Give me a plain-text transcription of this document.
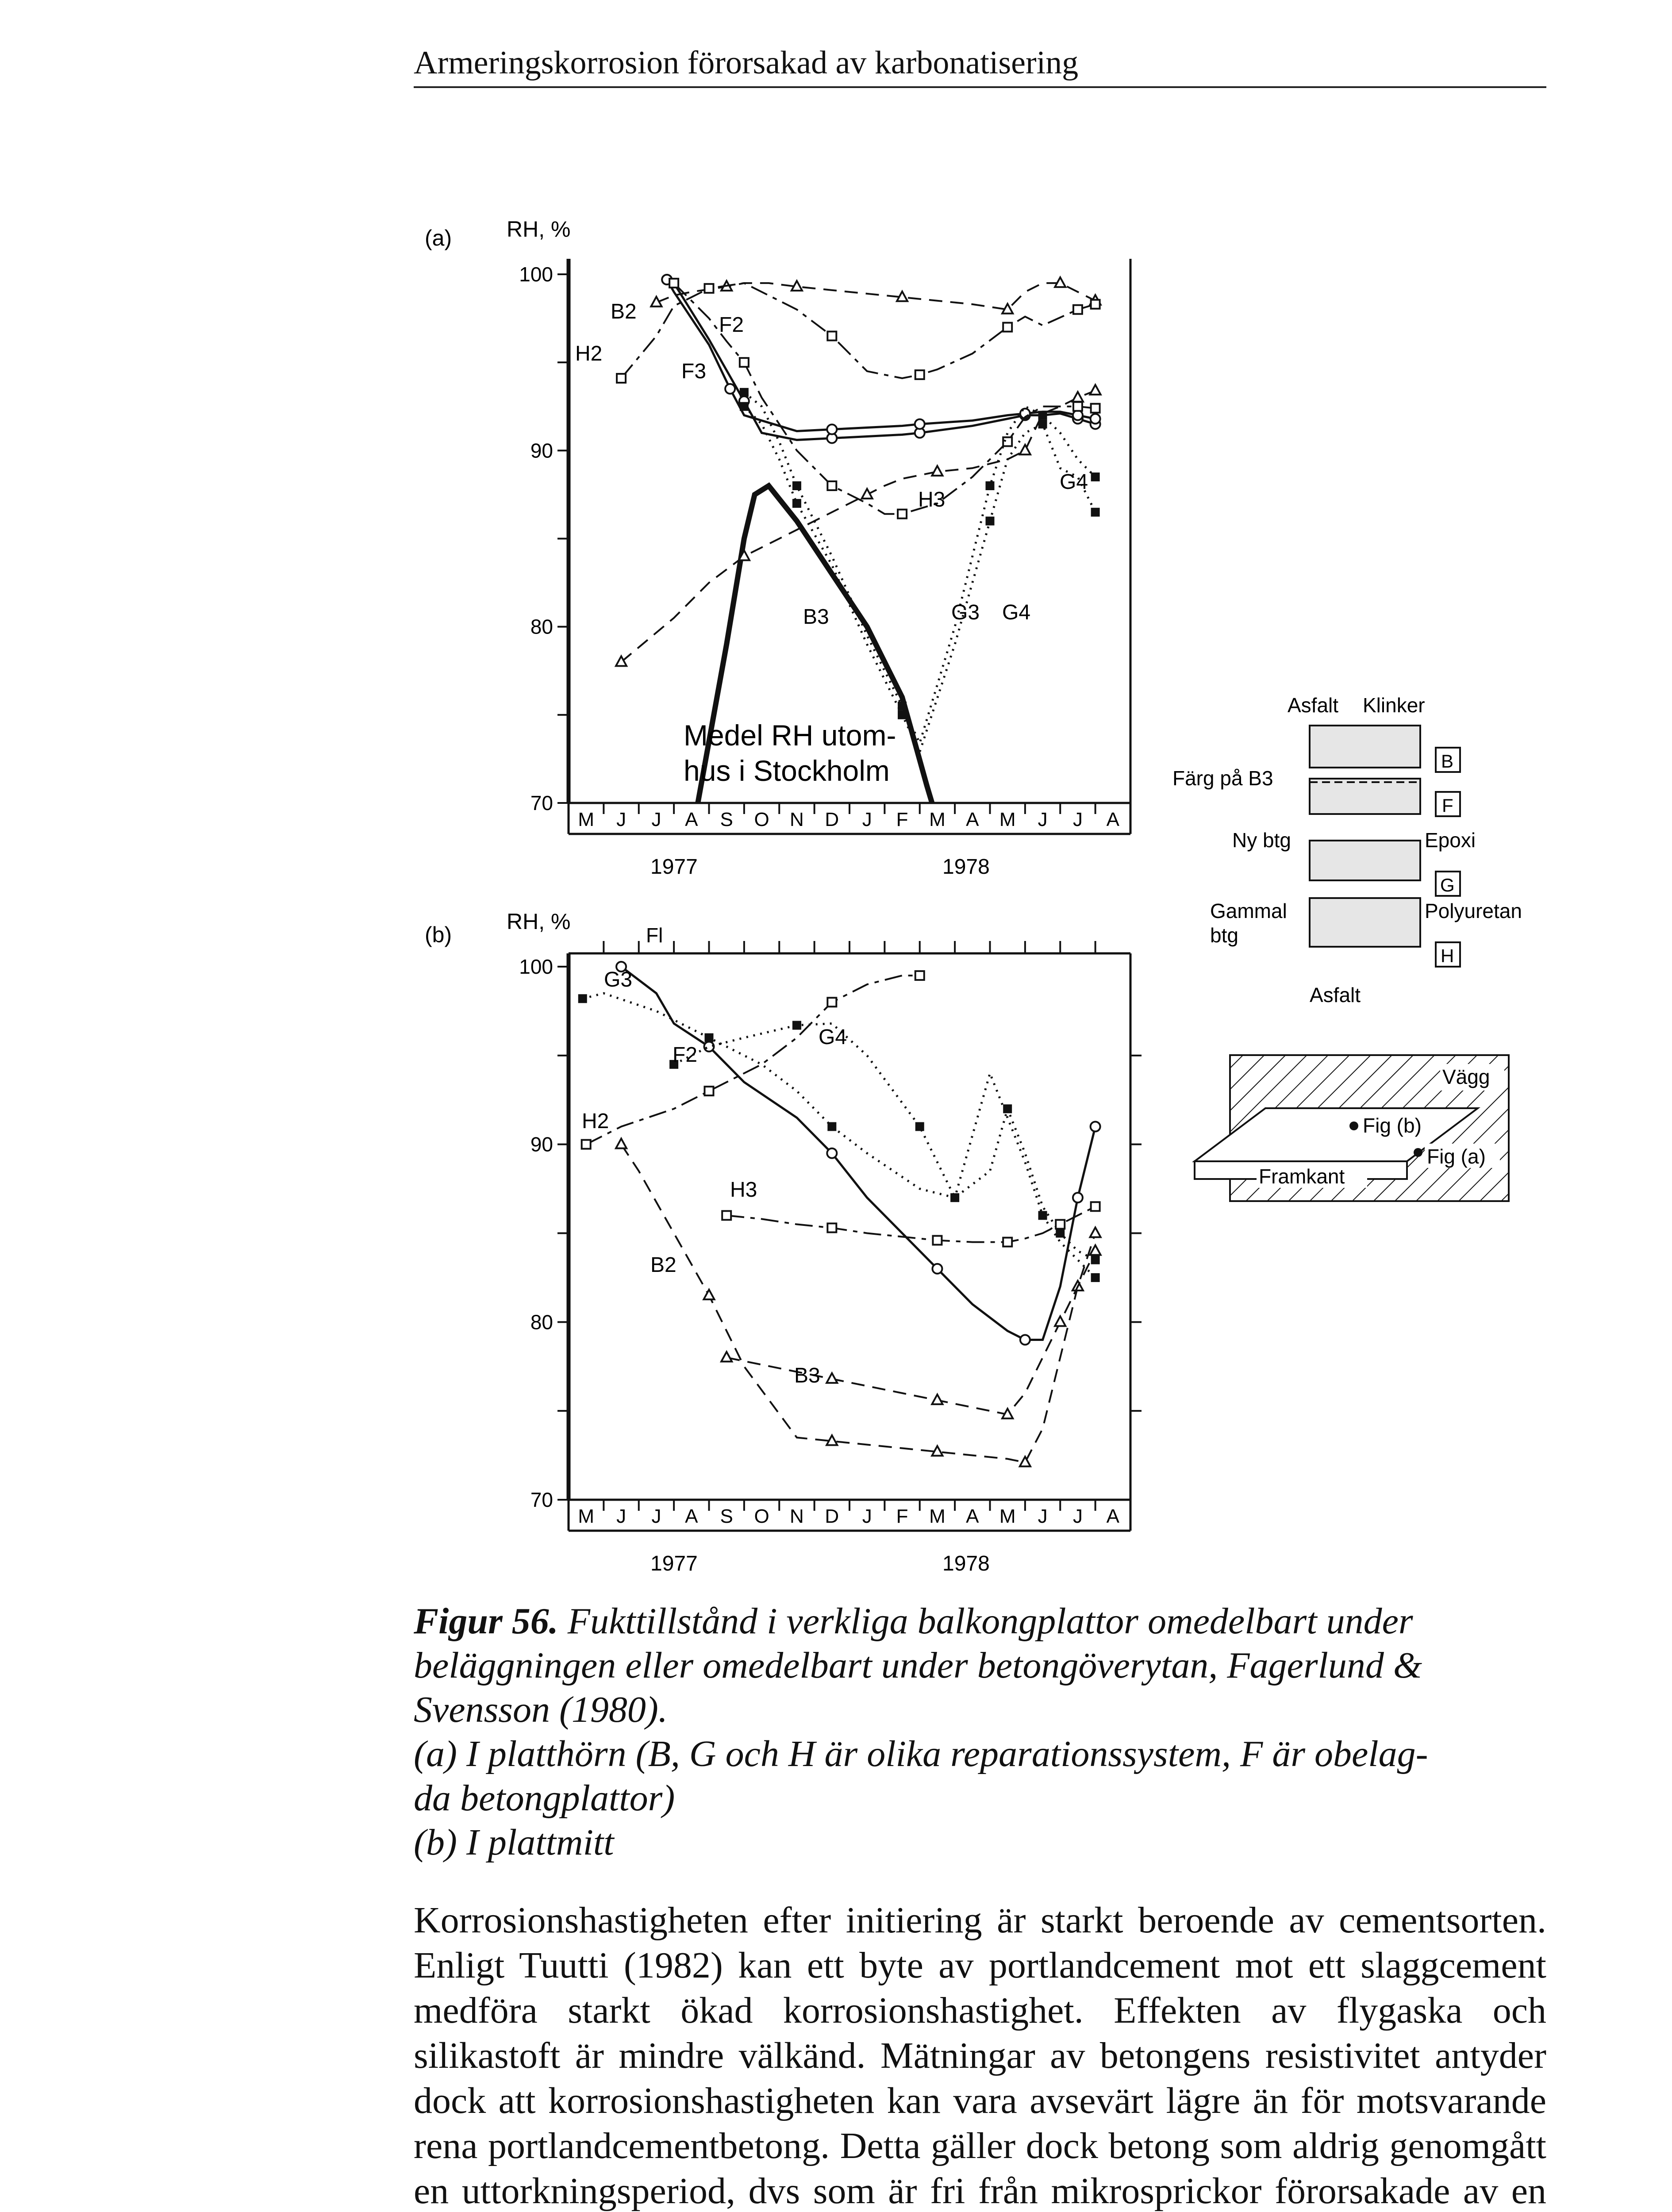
Armeringskorrosion förorsakad av karbonatisering
(a) RH, %
100
90
80
70
M J J A S O N D J F M A M J J A
1977	1978
Medel RH utom-
hus i Stockholm
B2
H2
F2
F3
H3
G4
B3	G3 G4
(b)
RH, %
Fl
100
90
80
70
M J J A S O N D J F M A M J J A
1977	1978
G3
F2
G4
H2
H3
B2
B3
Asfalt Klinker
Färg på B3
Ny btg	Epoxi
Gammal
btg
Polyuretan
Asfalt
B
F
G
H
Vägg
Fig (b)
Fig (a)
Framkant
Figur 56. Fukttillstånd i verkliga balkongplattor omedelbart under
beläggningen eller omedelbart under betongöverytan, Fagerlund &
Svensson (1980).
(a) I platthörn (B, G och H är olika reparationssystem, F är obelag-
da betongplattor)
(b) I plattmitt

Korrosionshastigheten efter initiering är starkt beroende av cementsorten. Enligt Tuutti (1982) kan ett byte av portlandcement mot ett slaggcement medföra starkt ökad korrosionshastighet. Effekten av flygaska och silikastoft är mindre välkänd. Mätningar av betongens resistivitet antyder dock att korrosionshastigheten kan vara avsevärt lägre än för motsvarande rena portlandcementbetong. Detta gäller dock betong som aldrig genomgått en uttorkningsperiod, dvs som är fri från mikrosprickor förorsakade av en
